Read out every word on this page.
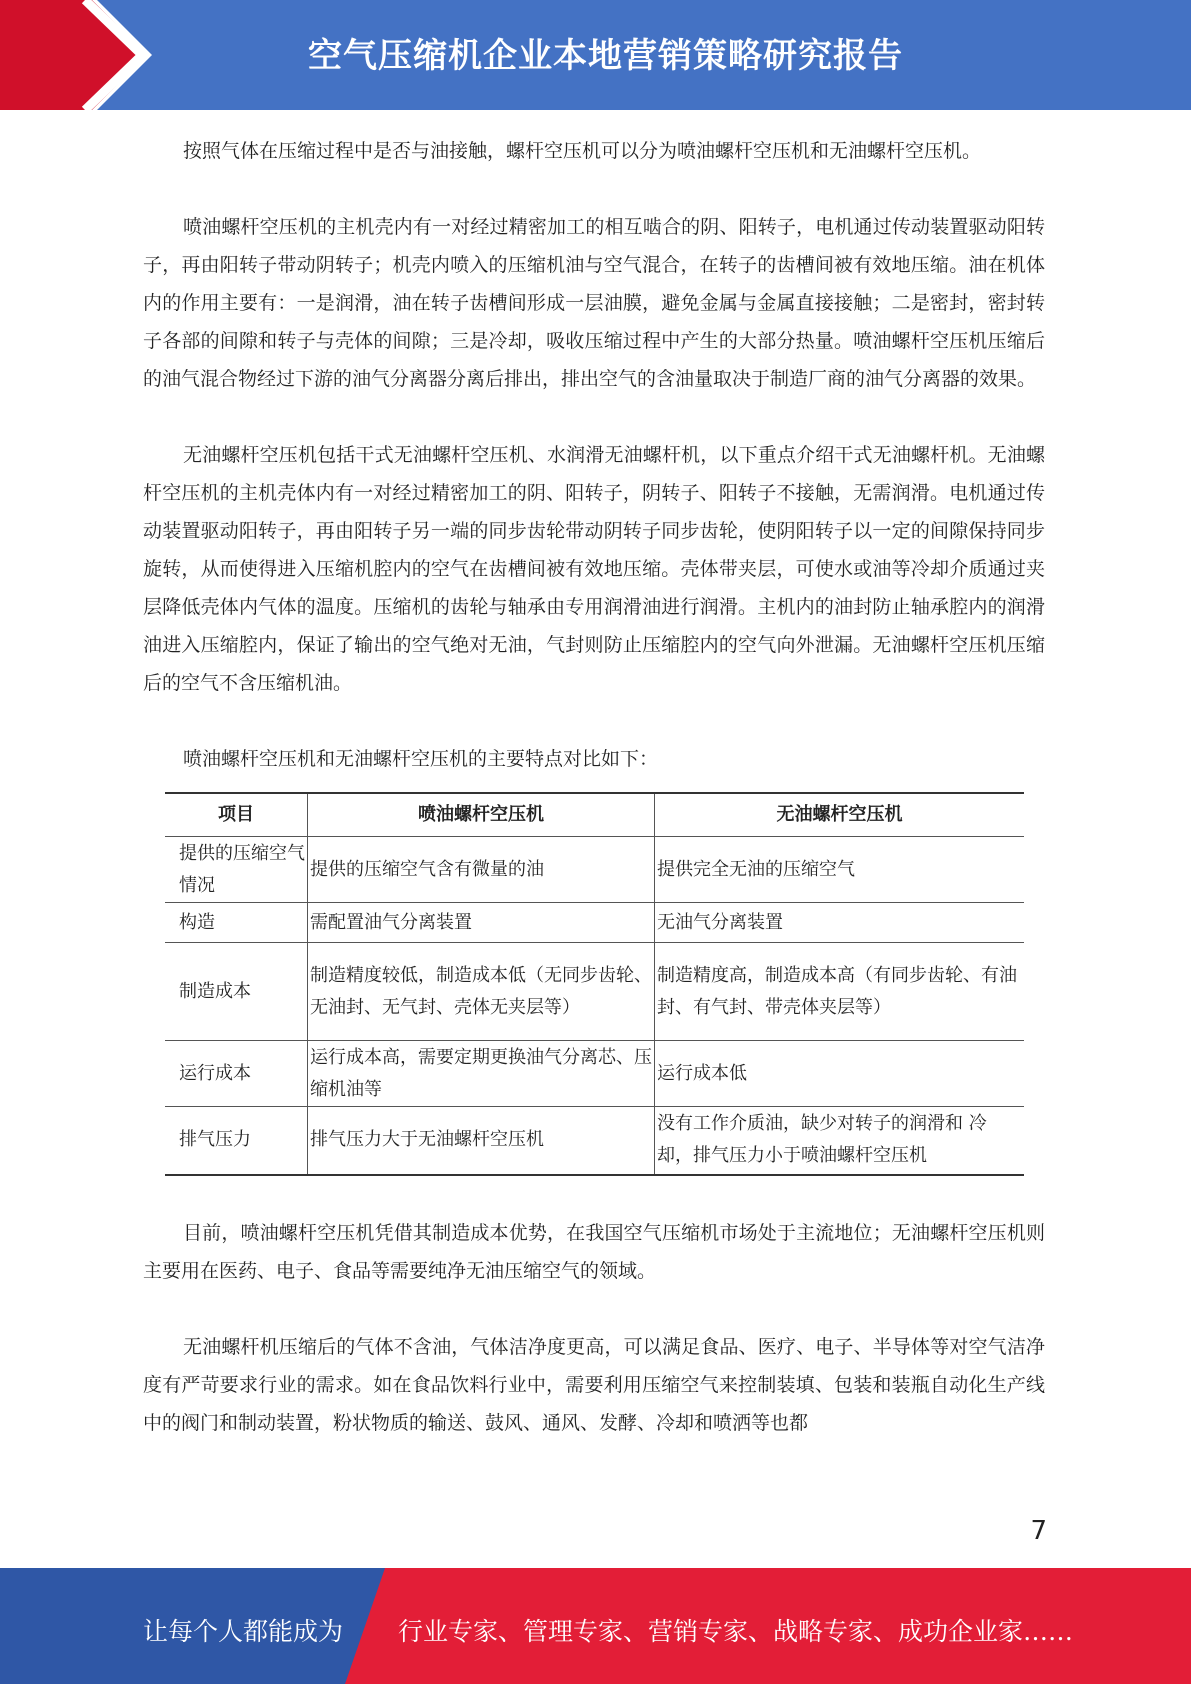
空气压缩机企业本地营销策略研究报告

按照气体在压缩过程中是否与油接触，螺杆空压机可以分为喷油螺杆空压机和无油螺杆空压机。

喷油螺杆空压机的主机壳内有一对经过精密加工的相互啮合的阴、阳转子，电机通过传动装置驱动阳转子，再由阳转子带动阴转子；机壳内喷入的压缩机油与空气混合，在转子的齿槽间被有效地压缩。油在机体内的作用主要有：一是润滑，油在转子齿槽间形成一层油膜，避免金属与金属直接接触；二是密封，密封转子各部的间隙和转子与壳体的间隙；三是冷却，吸收压缩过程中产生的大部分热量。喷油螺杆空压机压缩后的油气混合物经过下游的油气分离器分离后排出，排出空气的含油量取决于制造厂商的油气分离器的效果。

无油螺杆空压机包括干式无油螺杆空压机、水润滑无油螺杆机，以下重点介绍干式无油螺杆机。无油螺杆空压机的主机壳体内有一对经过精密加工的阴、阳转子，阴转子、阳转子不接触，无需润滑。电机通过传动装置驱动阳转子，再由阳转子另一端的同步齿轮带动阴转子同步齿轮，使阴阳转子以一定的间隙保持同步旋转，从而使得进入压缩机腔内的空气在齿槽间被有效地压缩。壳体带夹层，可使水或油等冷却介质通过夹层降低壳体内气体的温度。压缩机的齿轮与轴承由专用润滑油进行润滑。主机内的油封防止轴承腔内的润滑油进入压缩腔内，保证了输出的空气绝对无油，气封则防止压缩腔内的空气向外泄漏。无油螺杆空压机压缩后的空气不含压缩机油。

喷油螺杆空压机和无油螺杆空压机的主要特点对比如下：

项目	喷油螺杆空压机	无油螺杆空压机
提供的压缩空气情况	提供的压缩空气含有微量的油	提供完全无油的压缩空气
构造	需配置油气分离装置	无油气分离装置
制造成本	制造精度较低，制造成本低（无同步齿轮、无油封、无气封、壳体无夹层等）	制造精度高，制造成本高（有同步齿轮、有油封、有气封、带壳体夹层等）
运行成本	运行成本高，需要定期更换油气分离芯、压缩机油等	运行成本低
排气压力	排气压力大于无油螺杆空压机	没有工作介质油，缺少对转子的润滑和 冷却，排气压力小于喷油螺杆空压机

目前，喷油螺杆空压机凭借其制造成本优势，在我国空气压缩机市场处于主流地位；无油螺杆空压机则主要用在医药、电子、食品等需要纯净无油压缩空气的领域。

无油螺杆机压缩后的气体不含油，气体洁净度更高，可以满足食品、医疗、电子、半导体等对空气洁净度有严苛要求行业的需求。如在食品饮料行业中，需要利用压缩空气来控制装填、包装和装瓶自动化生产线中的阀门和制动装置，粉状物质的输送、鼓风、通风、发酵、冷却和喷洒等也都

7
让每个人都能成为 行业专家、管理专家、营销专家、战略专家、成功企业家……
